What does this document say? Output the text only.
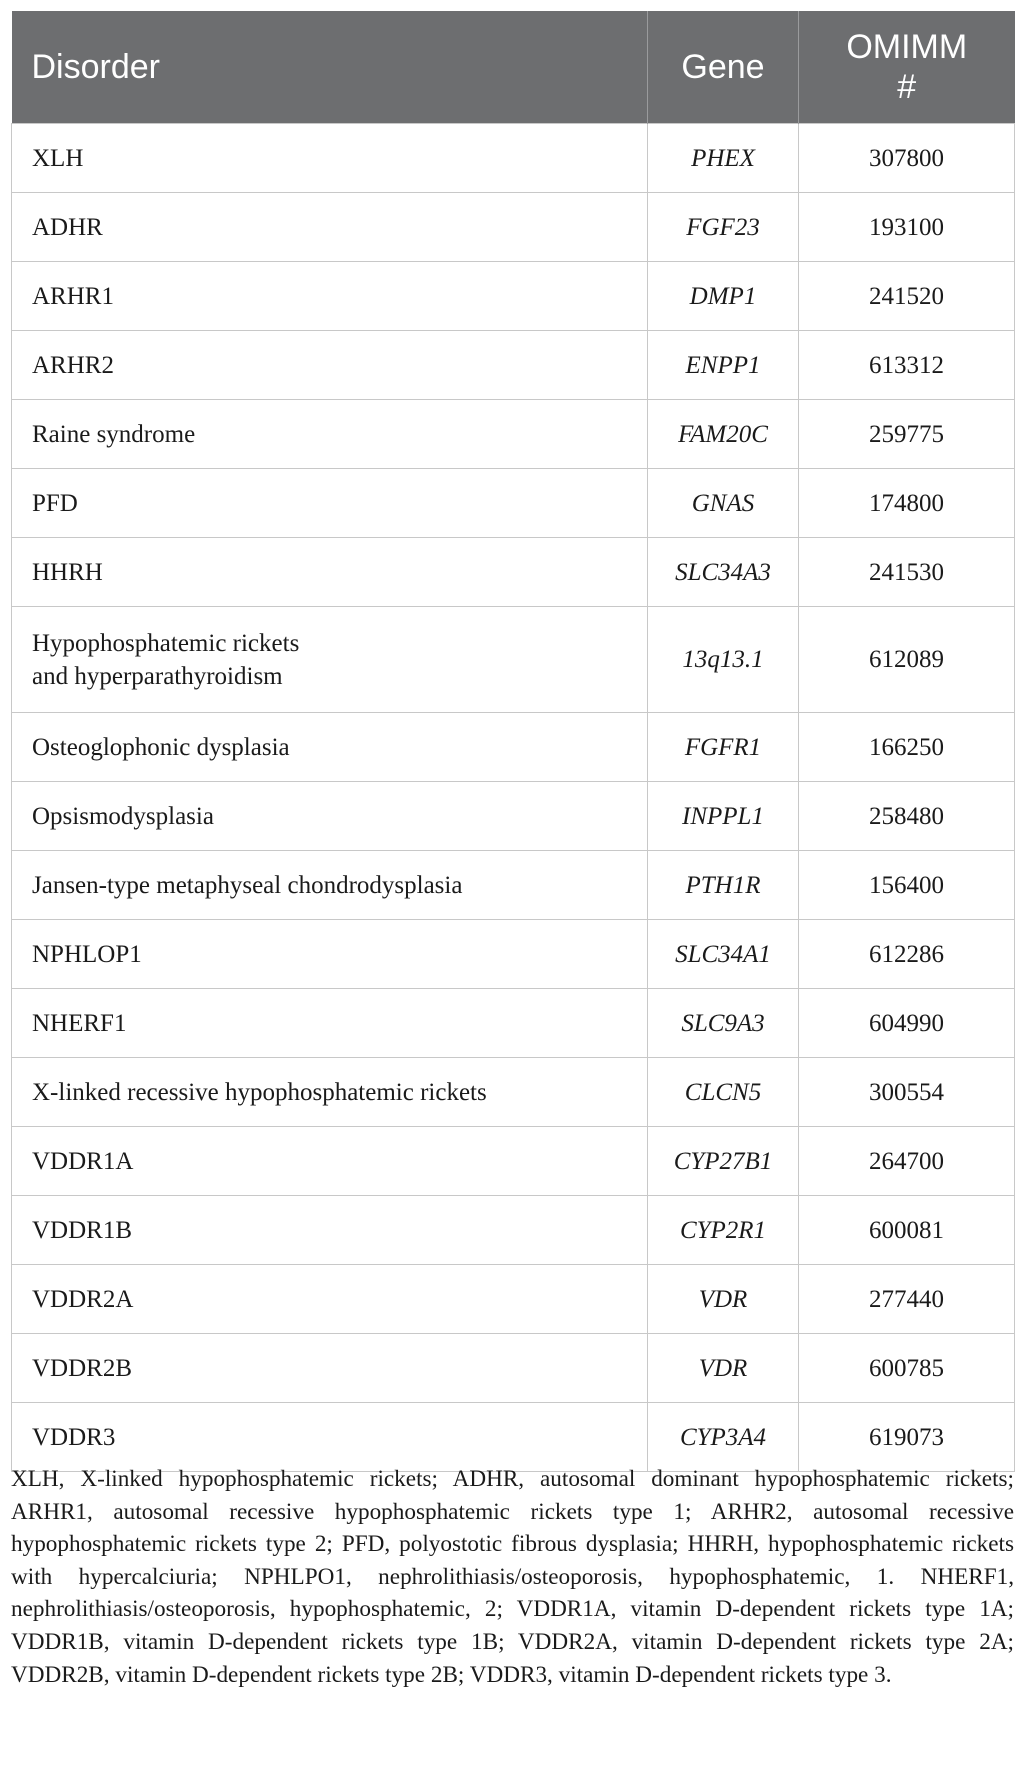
Disorder	Gene	OMIMM
#
XLH	PHEX	307800
ADHR	FGF23	193100
ARHR1	DMP1	241520
ARHR2	ENPP1	613312
Raine syndrome	FAM20C	259775
PFD	GNAS	174800
HHRH	SLC34A3	241530
Hypophosphatemic rickets
and hyperparathyroidism	13q13.1	612089
Osteoglophonic dysplasia	FGFR1	166250
Opsismodysplasia	INPPL1	258480
Jansen-type metaphyseal chondrodysplasia	PTH1R	156400
NPHLOP1	SLC34A1	612286
NHERF1	SLC9A3	604990
X-linked recessive hypophosphatemic rickets	CLCN5	300554
VDDR1A	CYP27B1	264700
VDDR1B	CYP2R1	600081
VDDR2A	VDR	277440
VDDR2B	VDR	600785
VDDR3	CYP3A4	619073

XLH, X-linked hypophosphatemic rickets; ADHR, autosomal dominant hypophosphatemic rickets; ARHR1, autosomal recessive hypophosphatemic rickets type 1; ARHR2, autosomal recessive hypophosphatemic rickets type 2; PFD, polyostotic fibrous dysplasia; HHRH, hypophosphatemic rickets with hypercalciuria; NPHLPO1, nephrolithiasis/osteoporosis, hypophosphatemic, 1. NHERF1, nephrolithiasis/osteoporosis, hypophosphatemic, 2; VDDR1A, vitamin D-dependent rickets type 1A; VDDR1B, vitamin D-dependent rickets type 1B; VDDR2A, vitamin D-dependent rickets type 2A; VDDR2B, vitamin D-dependent rickets type 2B; VDDR3, vitamin D-dependent rickets type 3.
